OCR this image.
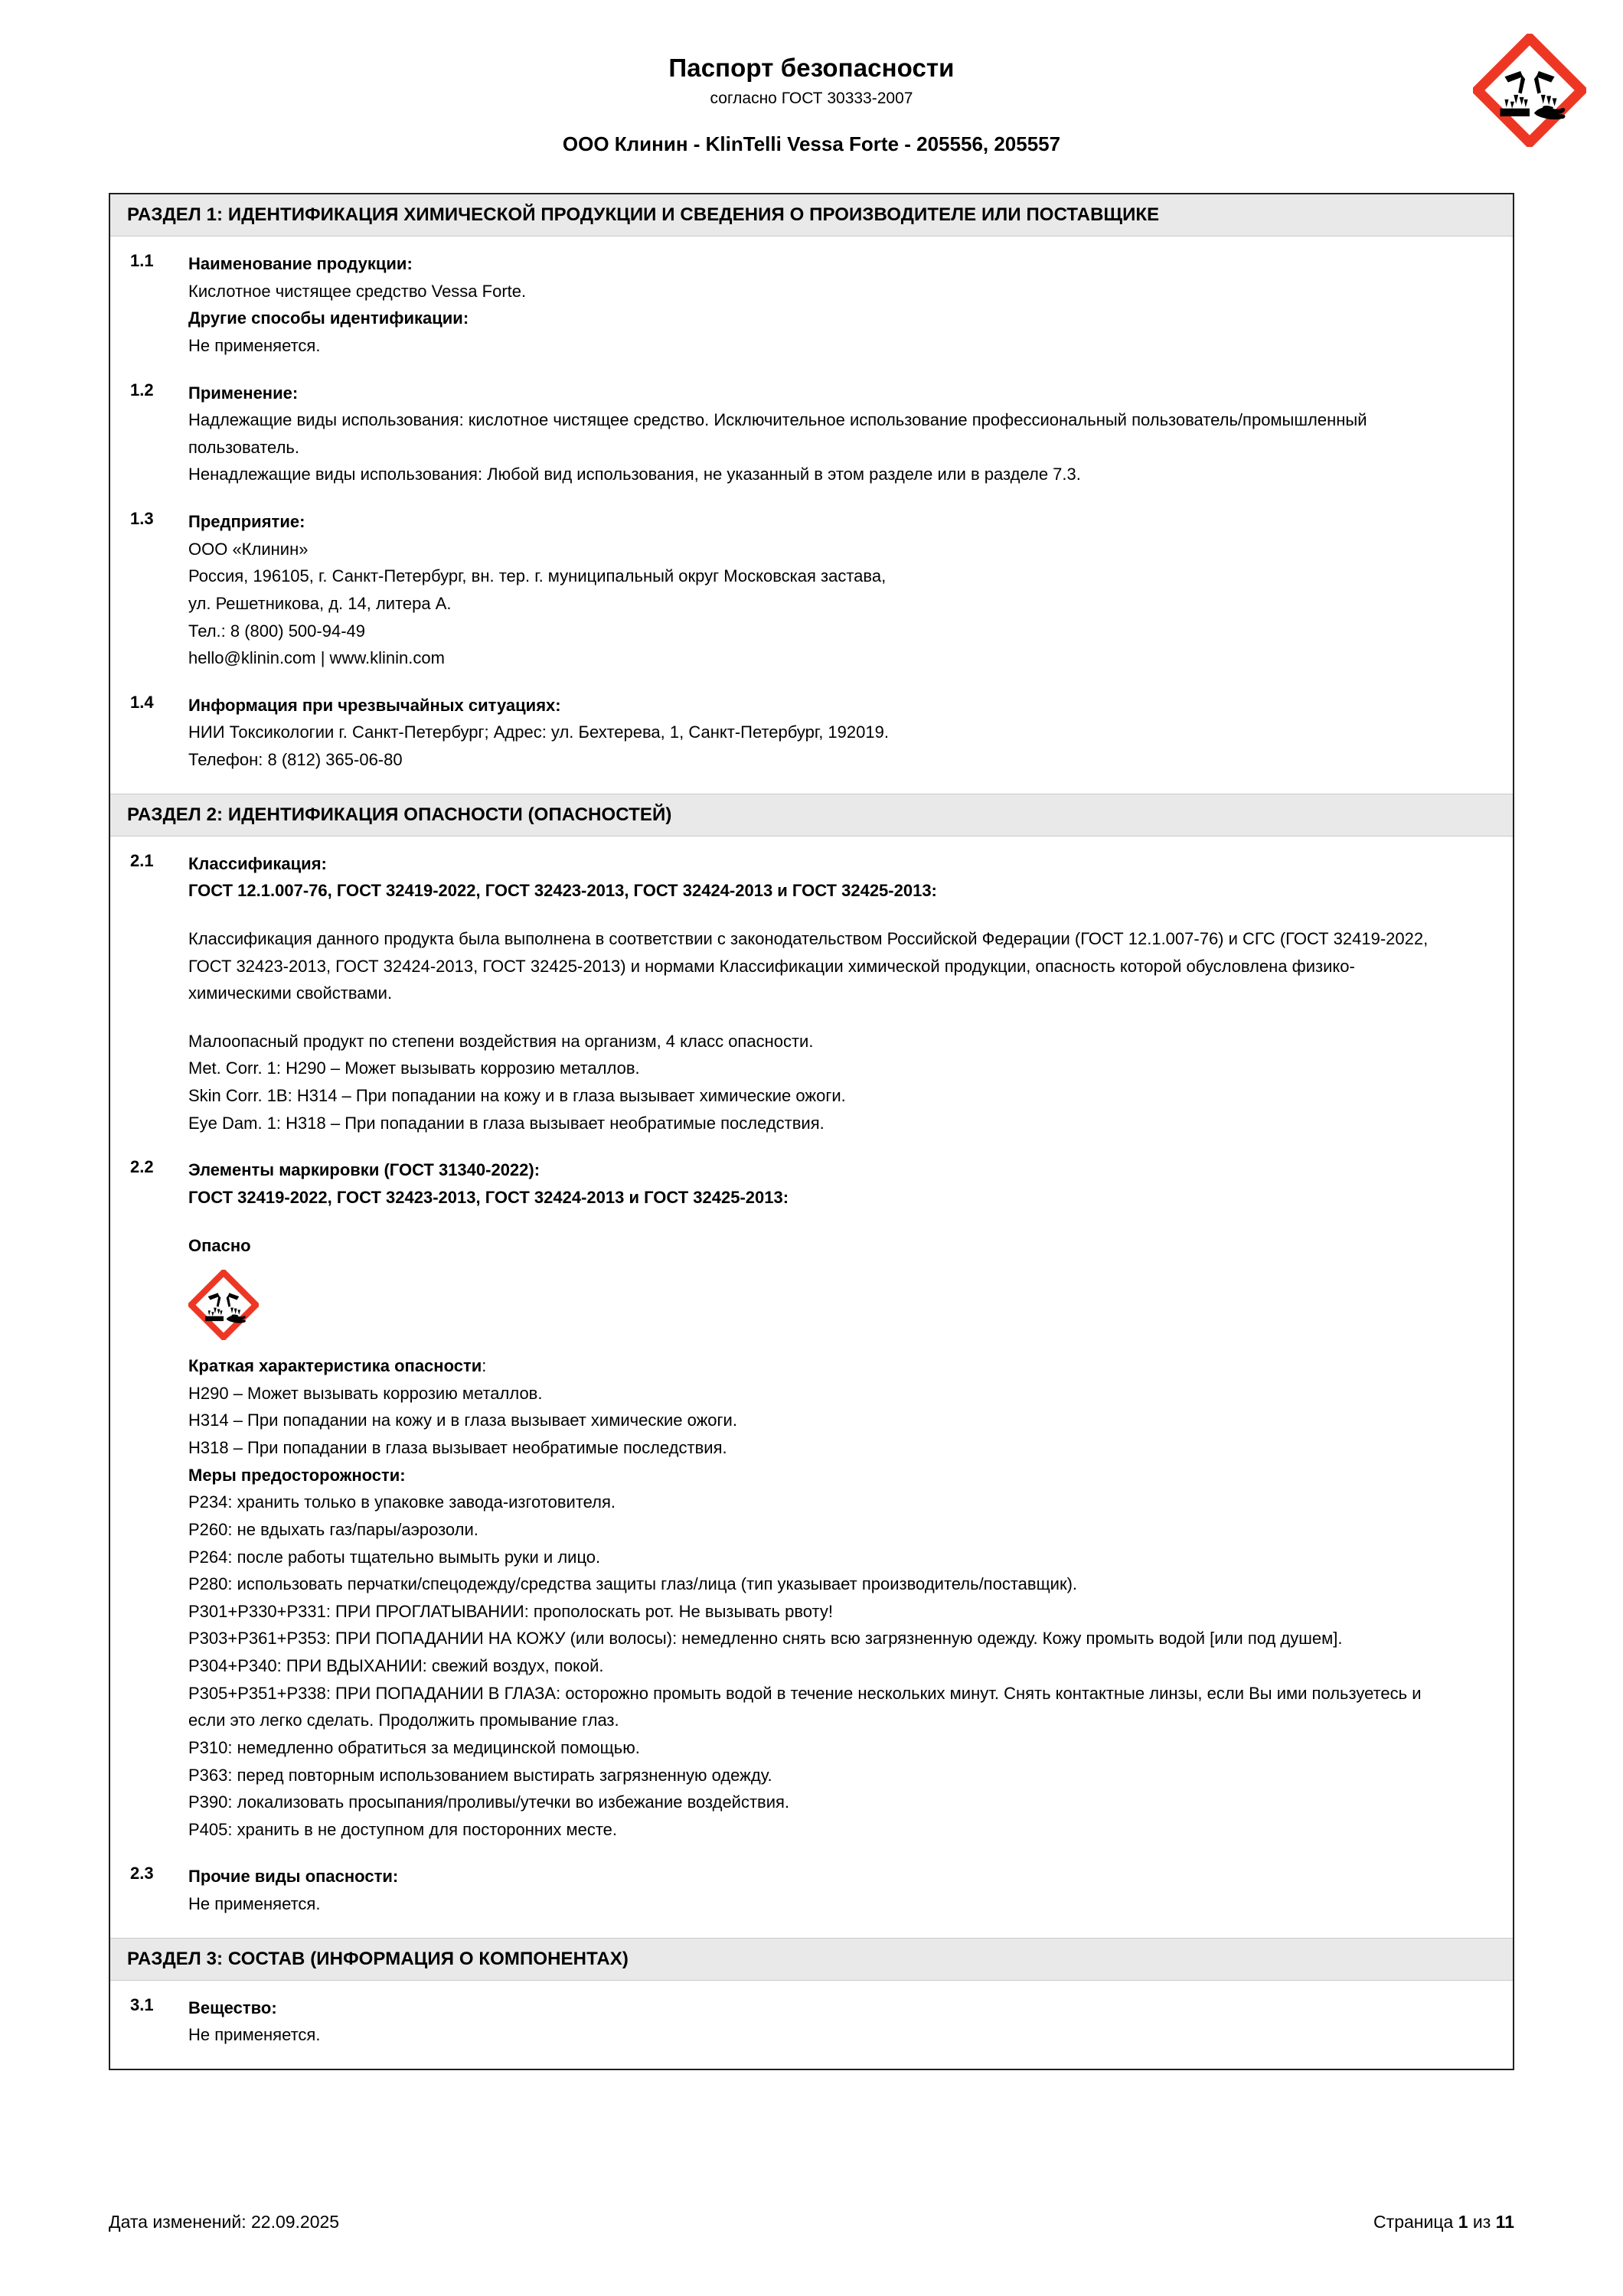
Паспорт безопасности
согласно ГОСТ 30333-2007
ООО Клинин - KlinTelli Vessa Forte - 205556, 205557
РАЗДЕЛ 1: ИДЕНТИФИКАЦИЯ ХИМИЧЕСКОЙ ПРОДУКЦИИ И СВЕДЕНИЯ О ПРОИЗВОДИТЕЛЕ ИЛИ ПОСТАВЩИКЕ
1.1	Наименование продукции:
Кислотное чистящее средство Vessa Forte.
Другие способы идентификации:
Не применяется.
1.2	Применение:
Надлежащие виды использования: кислотное чистящее средство. Исключительное использование профессиональный пользователь/промышленный пользователь.
Ненадлежащие виды использования: Любой вид использования, не указанный в этом разделе или в разделе 7.3.
1.3	Предприятие:
ООО «Клинин»
Россия, 196105, г. Санкт-Петербург, вн. тер. г. муниципальный округ Московская застава,
ул. Решетникова, д. 14, литера А.
Тел.: 8 (800) 500-94-49
hello@klinin.com | www.klinin.com
1.4	Информация при чрезвычайных ситуациях:
НИИ Токсикологии г. Санкт-Петербург; Адрес: ул. Бехтерева, 1, Санкт-Петербург, 192019.
Телефон: 8 (812) 365-06-80
РАЗДЕЛ 2: ИДЕНТИФИКАЦИЯ ОПАСНОСТИ (ОПАСНОСТЕЙ)
2.1	Классификация:
ГОСТ 12.1.007-76, ГОСТ 32419-2022, ГОСТ 32423-2013, ГОСТ 32424-2013 и ГОСТ 32425-2013:
Классификация данного продукта была выполнена в соответствии с законодательством Российской Федерации (ГОСТ 12.1.007-76) и СГС (ГОСТ 32419-2022, ГОСТ 32423-2013, ГОСТ 32424-2013, ГОСТ 32425-2013) и нормами Классификации химической продукции, опасность которой обусловлена физико-химическими свойствами.
Малоопасный продукт по степени воздействия на организм, 4 класс опасности.
Met. Corr. 1: H290 – Может вызывать коррозию металлов.
Skin Corr. 1B: H314 – При попадании на кожу и в глаза вызывает химические ожоги.
Eye Dam. 1: H318 – При попадании в глаза вызывает необратимые последствия.
2.2	Элементы маркировки (ГОСТ 31340-2022):
ГОСТ 32419-2022, ГОСТ 32423-2013, ГОСТ 32424-2013 и ГОСТ 32425-2013:
Опасно
Краткая характеристика опасности:
H290 – Может вызывать коррозию металлов.
H314 – При попадании на кожу и в глаза вызывает химические ожоги.
H318 – При попадании в глаза вызывает необратимые последствия.
Меры предосторожности:
P234: хранить только в упаковке завода-изготовителя.
P260: не вдыхать газ/пары/аэрозоли.
P264: после работы тщательно вымыть руки и лицо.
P280: использовать перчатки/спецодежду/средства защиты глаз/лица (тип указывает производитель/поставщик).
P301+P330+P331: ПРИ ПРОГЛАТЫВАНИИ: прополоскать рот. Не вызывать рвоту!
P303+P361+P353: ПРИ ПОПАДАНИИ НА КОЖУ (или волосы): немедленно снять всю загрязненную одежду. Кожу промыть водой [или под душем].
P304+P340: ПРИ ВДЫХАНИИ: свежий воздух, покой.
P305+P351+P338: ПРИ ПОПАДАНИИ В ГЛАЗА: осторожно промыть водой в течение нескольких минут. Снять контактные линзы, если Вы ими пользуетесь и если это легко сделать. Продолжить промывание глаз.
P310: немедленно обратиться за медицинской помощью.
P363: перед повторным использованием выстирать загрязненную одежду.
P390: локализовать просыпания/проливы/утечки во избежание воздействия.
P405: хранить в не доступном для посторонних месте.
2.3	Прочие виды опасности:
Не применяется.
РАЗДЕЛ 3: СОСТАВ (ИНФОРМАЦИЯ О КОМПОНЕНТАХ)
3.1	Вещество:
Не применяется.
Дата изменений: 22.09.2025	Страница 1 из 11
